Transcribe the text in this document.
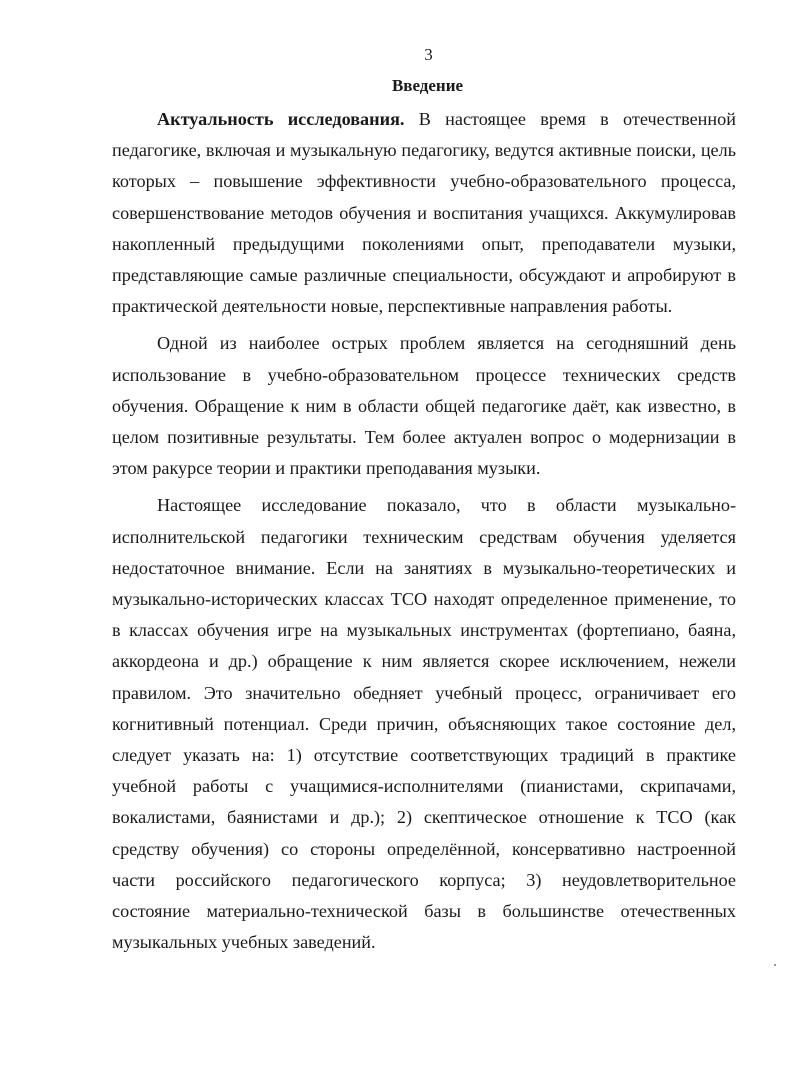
3
Введение

Актуальность исследования. В настоящее время в отечественной педагогике, включая и музыкальную педагогику, ведутся активные поиски, цель которых – повышение эффективности учебно-образовательного процесса, совершенствование методов обучения и воспитания учащихся. Аккумулировав накопленный предыдущими поколениями опыт, преподаватели музыки, представляющие самые различные специальности, обсуждают и апробируют в практической деятельности новые, перспективные направления работы.

Одной из наиболее острых проблем является на сегодняшний день использование в учебно-образовательном процессе технических средств обучения. Обращение к ним в области общей педагогике даёт, как известно, в целом позитивные результаты. Тем более актуален вопрос о модернизации в этом ракурсе теории и практики преподавания музыки.

Настоящее исследование показало, что в области музыкально-исполнительской педагогики техническим средствам обучения уделяется недостаточное внимание. Если на занятиях в музыкально-теоретических и музыкально-исторических классах ТСО находят определенное применение, то в классах обучения игре на музыкальных инструментах (фортепиано, баяна, аккордеона и др.) обращение к ним является скорее исключением, нежели правилом. Это значительно обедняет учебный процесс, ограничивает его когнитивный потенциал. Среди причин, объясняющих такое состояние дел, следует указать на: 1) отсутствие соответствующих традиций в практике учебной работы с учащимися-исполнителями (пианистами, скрипачами, вокалистами, баянистами и др.); 2) скептическое отношение к ТСО (как средству обучения) со стороны определённой, консервативно настроенной части российского педагогического корпуса; 3) неудовлетворительное состояние материально-технической базы в большинстве отечественных музыкальных учебных заведений.
